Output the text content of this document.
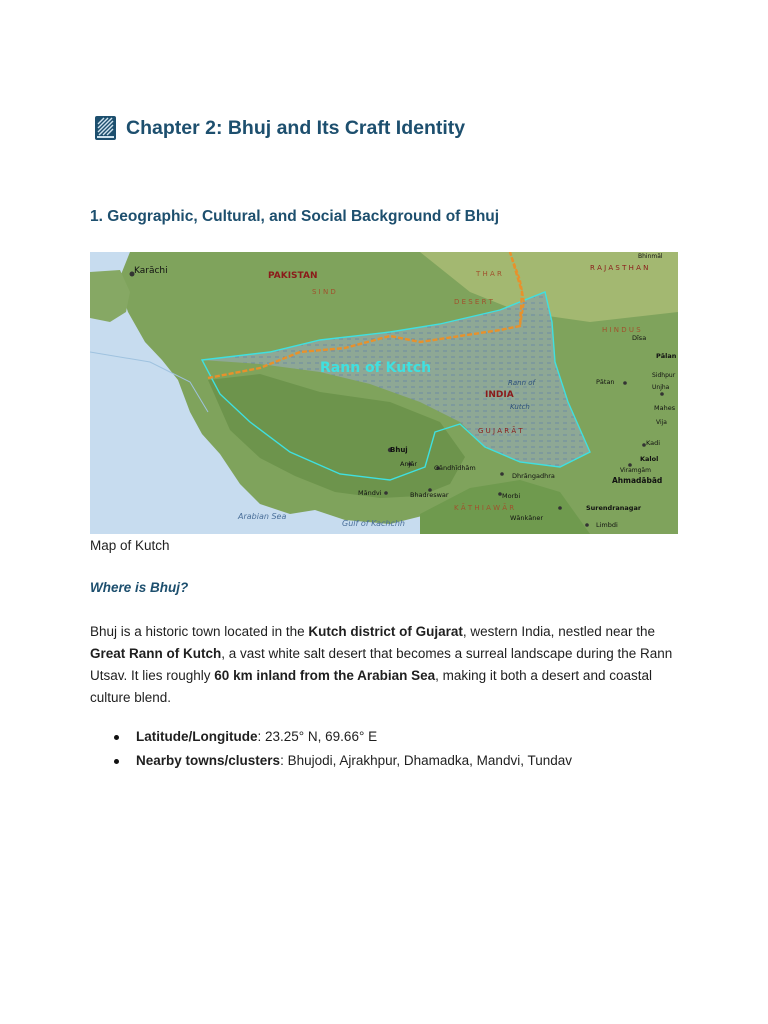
Chapter 2: Bhuj and Its Craft Identity
1. Geographic, Cultural, and Social Background of Bhuj
Karāchi	PAKISTAN
S I N D
T H A R
D E S E R T
R A J A S T H A N
H I N D U S
Rann of Kutch
Rann of
Kutch
INDIA
G U J A R Ā T
Bhuj
Anjār	Gāndhīdhām
Māndvi	Bhadreswar
Dhrāngadhra
Morbi
K Ā T H I A W Ā R
Wānkāner
Surendranagar
Limbdi
Ahmadābād
Kalol
Viramgām
Kadi
Pātan
Sidhpur
Unjha
Mahes
Vija
Pālan
Dīsa
Bhinmāl
Arabian Sea
Gulf of Kachchh
Map of Kutch
Where is Bhuj?

Bhuj is a historic town located in the Kutch district of Gujarat, western India, nestled near the Great Rann of Kutch, a vast white salt desert that becomes a surreal landscape during the Rann Utsav. It lies roughly 60 km inland from the Arabian Sea, making it both a desert and coastal culture blend.

Latitude/Longitude: 23.25° N, 69.66° E
Nearby towns/clusters: Bhujodi, Ajrakhpur, Dhamadka, Mandvi, Tundav
